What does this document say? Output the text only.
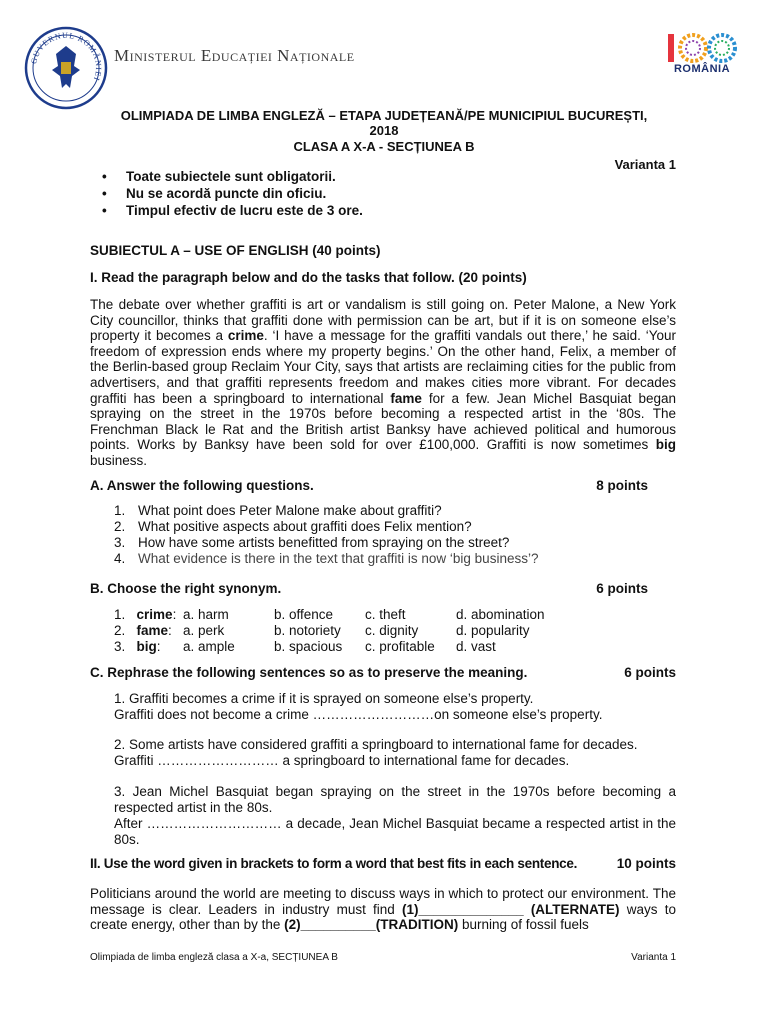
GUVERNUL ROMÂNIEI
Ministerul Educației Naționale
ROMÂNIA

OLIMPIADA DE LIMBA ENGLEZĂ – ETAPA JUDEȚEANĂ/PE MUNICIPIUL BUCUREȘTI,
2018
CLASA A X-A - SECȚIUNEA B
Varianta 1
• Toate subiectele sunt obligatorii.
• Nu se acordă puncte din oficiu.
• Timpul efectiv de lucru este de 3 ore.
SUBIECTUL A – USE OF ENGLISH (40 points)
I. Read the paragraph below and do the tasks that follow. (20 points)
The debate over whether graffiti is art or vandalism is still going on. Peter Malone, a New York City councillor, thinks that graffiti done with permission can be art, but if it is on someone else’s property it becomes a crime. ‘I have a message for the graffiti vandals out there,’ he said. ‘Your freedom of expression ends where my property begins.’ On the other hand, Felix, a member of the Berlin-based group Reclaim Your City, says that artists are reclaiming cities for the public from advertisers, and that graffiti represents freedom and makes cities more vibrant. For decades graffiti has been a springboard to international fame for a few. Jean Michel Basquiat began spraying on the street in the 1970s before becoming a respected artist in the ‘80s. The Frenchman Black le Rat and the British artist Banksy have achieved political and humorous points. Works by Banksy have been sold for over £100,000. Graffiti is now sometimes big business.
A. Answer the following questions.	8 points
1. What point does Peter Malone make about graffiti?
2. What positive aspects about graffiti does Felix mention?
3. How have some artists benefitted from spraying on the street?
4. What evidence is there in the text that graffiti is now ‘big business’?
B. Choose the right synonym.	6 points
1. crime: a. harm	b. offence c. theft	d. abomination
2. fame: a. perk	b. notoriety c. dignity	d. popularity
3. big: a. ample	b. spacious c. profitable d. vast
C. Rephrase the following sentences so as to preserve the meaning.	6 points
1. Graffiti becomes a crime if it is sprayed on someone else’s property.
Graffiti does not become a crime ………………………on someone else’s property.
2. Some artists have considered graffiti a springboard to international fame for decades.
Graffiti ……………………… a springboard to international fame for decades.
3. Jean Michel Basquiat began spraying on the street in the 1970s before becoming a respected artist in the 80s.
After ………………………… a decade, Jean Michel Basquiat became a respected artist in the 80s.
II. Use the word given in brackets to form a word that best fits in each sentence.	10 points
Politicians around the world are meeting to discuss ways in which to protect our environment. The message is clear. Leaders in industry must find (1)______________ (ALTERNATE) ways to create energy, other than by the (2)__________(TRADITION) burning of fossil fuels
Olimpiada de limba engleză clasa a X-a, SECȚIUNEA B	Varianta 1
